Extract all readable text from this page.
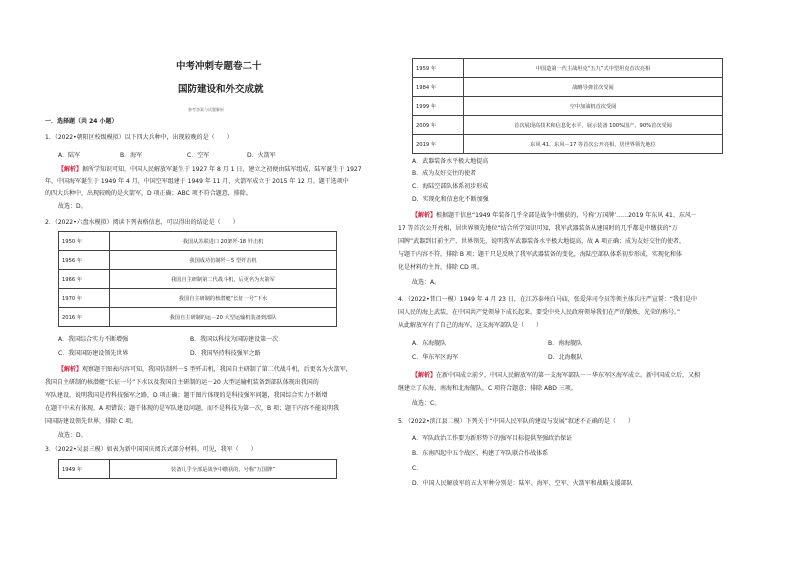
中考冲刺专题卷二十
国防建设和外交成就
参考答案与试题解析
一．选择题（共 24 小题）
1．（2022•朝阳区校级模拟）以下四大兵种中，出现较晚的是（　　）
A．陆军	B．海军	C．空军	D．火箭军
【解析】据所学知识可知，中国人民解放军诞生于 1927 年 8 月 1 日，建立之初便由陆军组成，陆军诞生于 1927
年，中国海军诞生于 1949 年 4 月，中国空军组建于 1949 年 11 月，火箭军成立于 2015 年 12 月。题干选项中
的四大兵种中，出现较晚的是火箭军，D 项正确；ABC 项不符合题意，排除。
故选：D。
2．（2022•六盘水模拟）阅读下列表格信息，可以得出的结论是（　　）
1950 年	我国从苏联进口 20架歼-18 歼击机
1956 年	我国成功仿制歼－5 型歼击机
1966 年	我国自主研制第二代战斗机，后更名为火箭军
1970 年	我国自主研制的核潜艇“长征一号”下水
2016 年	我国自主研制的运－20 大型运输机装备到部队
A．我国综合实力不断增强	B．我国以科技为国防建设第一次
C．我国国防建设领先世界	D．我国坚持科技强军之路
【解析】观察题干图表内容可知，我国仿制歼－5 型歼击机，我国自主研制了第二代战斗机，后更名为火箭军，
我国自主研制的核潜艇“长征一号”下水以及我国自主研制的运－20 大型运输机装备到部队体现出我国的
军队建设，说明我国是持科技强军之路，D 项正确；题干图片体现的是科技强军问题，我国综合实力不断增
在题干中未有体现，A 项错误；题干体现的是军队建设问题，而不是科技为第一次，B 项；题干内容不能说明我
国国防建设领先世界，排除 C 项。
故选：D。
3．（2022•吴县三模）如表为新中国国庆阅兵式部分材料。可见，我军（　　）
1949 年	装备几乎全部是战争中缴获的，号称“万国牌”
1959 年	中国造第一代主战坦克“五九”式中型坦克首次亮相
1984 年	战略导弹首次受阅
1999 年	空中加油机首次受阅
2009 年	首次展现高技术和信息化水平，展示装备 100%国产，90%首次受阅
2019 年	东风 41、东风－17 等首次公开亮相，居世界领先地位
A．武器装备水平极大地提高
B．成为友好交往的使者
C．海陆空部队体系初步形成
D．实现化和信息化不断加强
【解析】根据题干信息“1949 年装备几乎全部是战争中缴获的，号称‘万国牌’……2019 年东风 41、东风－
17 等首次公开亮相，居世界领先地位”结合所学知识可知，我军武器装备从建国时的几乎都是中缴获的“万
国牌”武器到目前主产，世界领先，说明我军武器装备水平极大地提高，故 A 项正确；成为友好交往的使者，
与题干内容不符，排除 B 项；题干只是反映了我军武器装备的变化，海陆空部队体系初步形成，实现化和体
化是材料的主旨，排除 CD 项。
故选：A。
4．（2022•昔口一模）1949 年 4 月 23 日，在江苏泰州白马庙，张爱萍司令员等领主体兵庄严宣誓：“我们是中
国人民的海上武装，在中国共产党领导下成长起来。要受中央人民政府领导我们在严的锻炼，光荣的称号。”
从此解放军有了自己的海军。这支海军部队是（　　）
A．东海舰队	B．南海舰队
C．华东军区海军	D．北海舰队
【解析】在新中国成立前夕，中国人民解放军的第一支海军部队－－华东军区海军成立。新中国成立后，又相
继建立了东海、南海和北海舰队。C 项符合题意；排除 ABD 三项。
故选：C。
5．（2022•滨江县二模）下列关于“中国人民军队的建设与发展”叙述不正确的是（　　）
A．军队政治工作要为新形势下的强军目标提供坚强政治保证
B．东南四起中五个战区，构建了军队联合作战体系
C．
D．中国人民解放军的五大军种分别是：陆军、海军、空军、火箭军和战略支援部队
